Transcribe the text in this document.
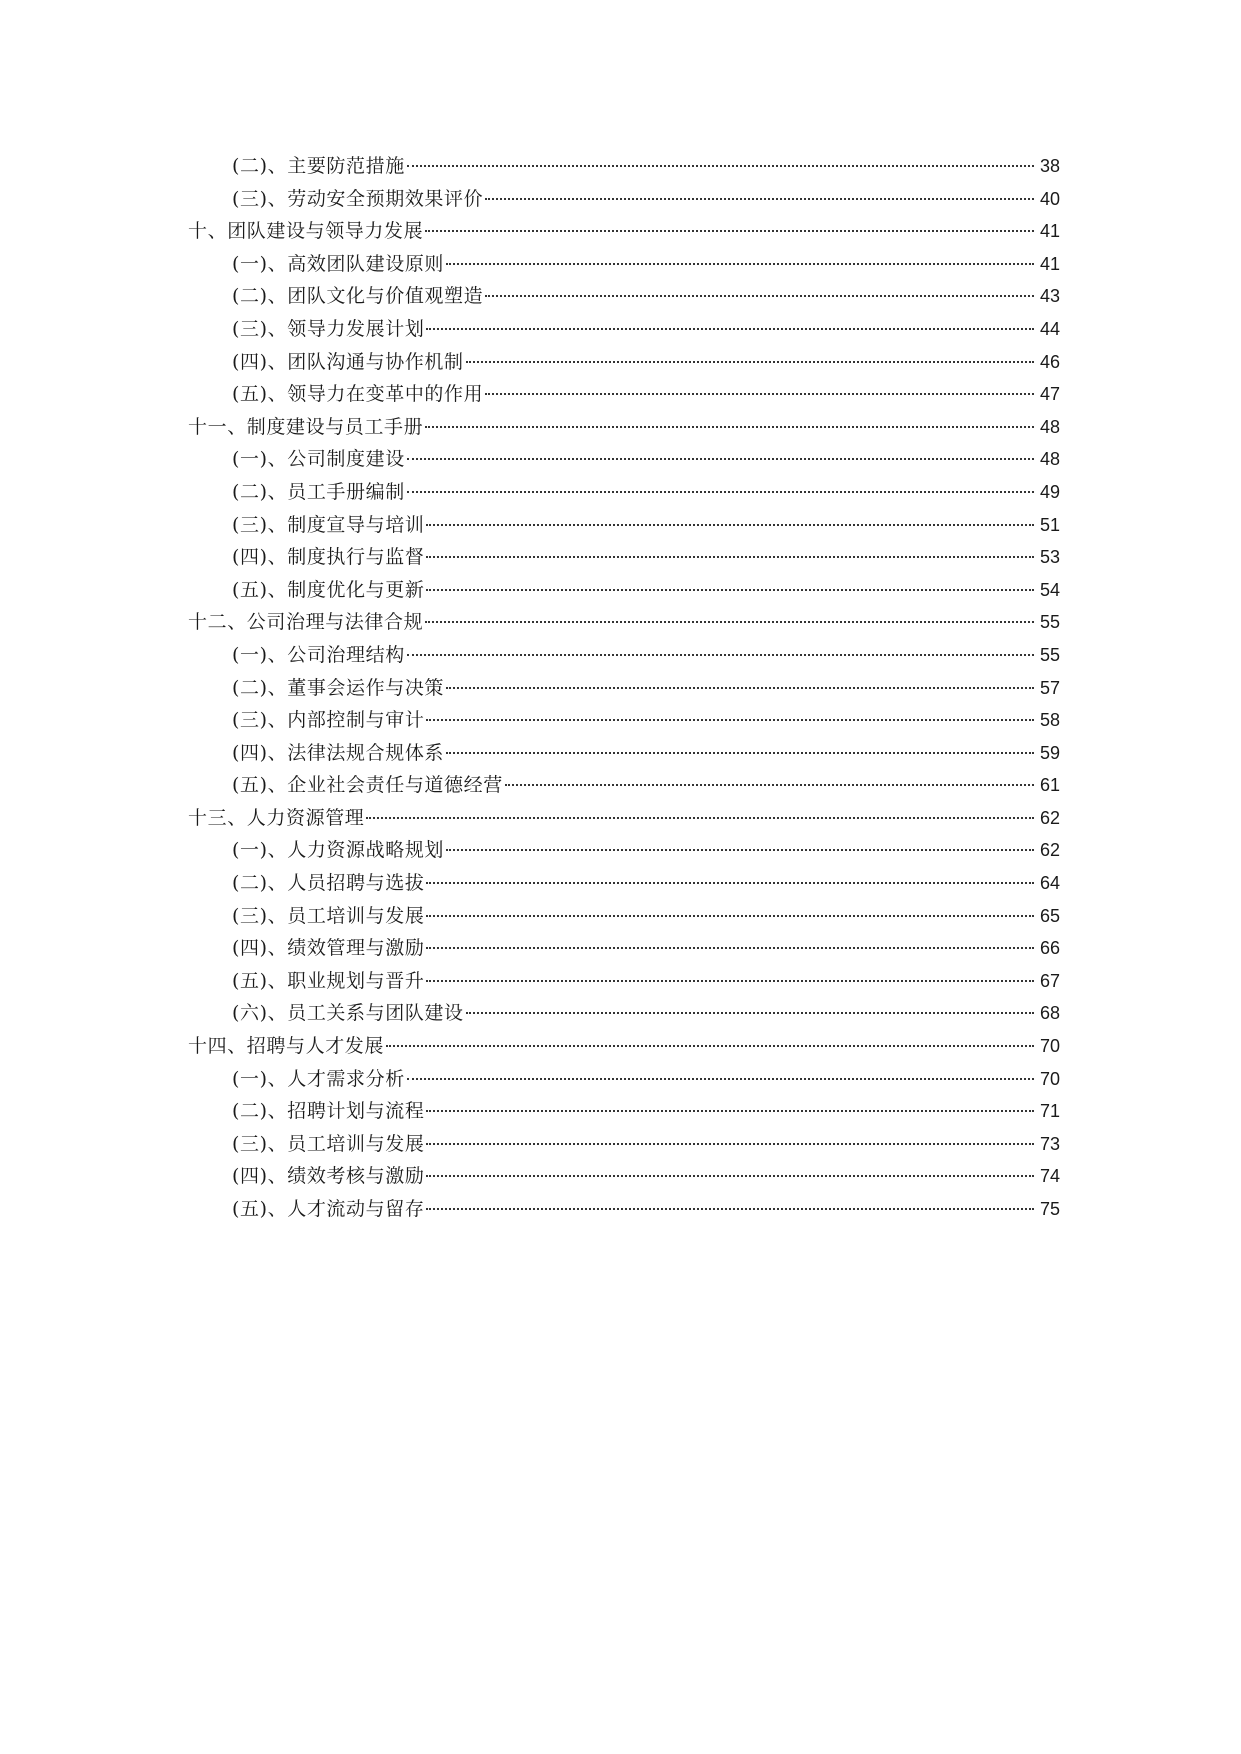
(二)、主要防范措施	38
(三)、劳动安全预期效果评价	40
十、团队建设与领导力发展	41
(一)、高效团队建设原则	41
(二)、团队文化与价值观塑造	43
(三)、领导力发展计划	44
(四)、团队沟通与协作机制	46
(五)、领导力在变革中的作用	47
十一、制度建设与员工手册	48
(一)、公司制度建设	48
(二)、员工手册编制	49
(三)、制度宣导与培训	51
(四)、制度执行与监督	53
(五)、制度优化与更新	54
十二、公司治理与法律合规	55
(一)、公司治理结构	55
(二)、董事会运作与决策	57
(三)、内部控制与审计	58
(四)、法律法规合规体系	59
(五)、企业社会责任与道德经营	61
十三、人力资源管理	62
(一)、人力资源战略规划	62
(二)、人员招聘与选拔	64
(三)、员工培训与发展	65
(四)、绩效管理与激励	66
(五)、职业规划与晋升	67
(六)、员工关系与团队建设	68
十四、招聘与人才发展	70
(一)、人才需求分析	70
(二)、招聘计划与流程	71
(三)、员工培训与发展	73
(四)、绩效考核与激励	74
(五)、人才流动与留存	75
